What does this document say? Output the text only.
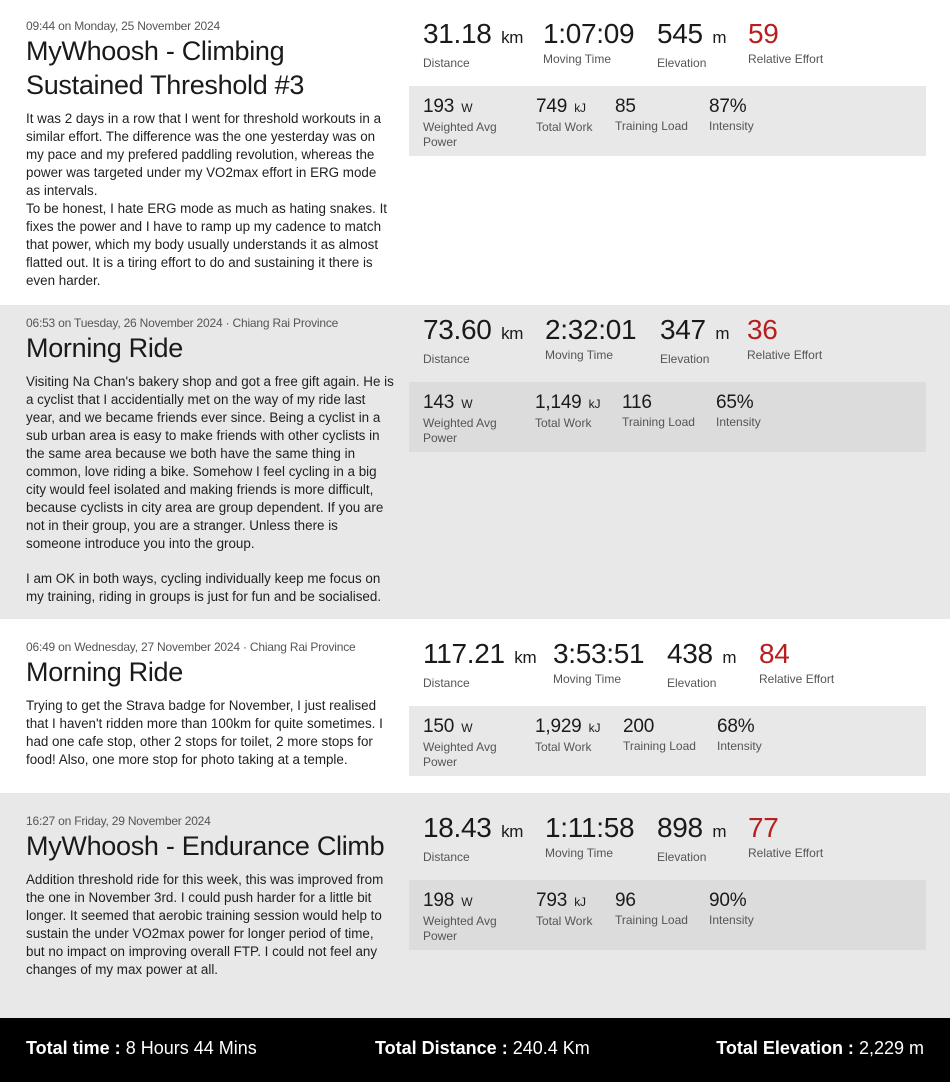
09:44 on Monday, 25 November 2024
MyWhoosh - Climbing Sustained Threshold #3

It was 2 days in a row that I went for threshold workouts in a similar effort. The difference was the one yesterday was on my pace and my prefered paddling revolution, whereas the power was targeted under my VO2max effort in ERG mode as intervals.

To be honest, I hate ERG mode as much as hating snakes. It fixes the power and I have to ramp up my cadence to match that power, which my body usually understands it as almost flatted out. It is a tiring effort to do and sustaining it there is even harder.

31.18 km
Distance
1:07:09
Moving Time
545 m
Elevation
59
Relative Effort
193 W
Weighted Avg Power
749 kJ
Total Work
85
Training Load
87%
Intensity
06:53 on Tuesday, 26 November 2024 · Chiang Rai Province
Morning Ride

Visiting Na Chan's bakery shop and got a free gift again. He is a cyclist that I accidentially met on the way of my ride last year, and we became friends ever since. Being a cyclist in a sub urban area is easy to make friends with other cyclists in the same area because we both have the same thing in common, love riding a bike. Somehow I feel cycling in a big city would feel isolated and making friends is more difficult, because cyclists in city area are group dependent. If you are not in their group, you are a stranger. Unless there is someone introduce you into the group.

I am OK in both ways, cycling individually keep me focus on my training, riding in groups is just for fun and be socialised.

73.60 km
Distance
2:32:01
Moving Time
347 m
Elevation
36
Relative Effort
143 W
Weighted Avg Power
1,149 kJ
Total Work
116
Training Load
65%
Intensity
06:49 on Wednesday, 27 November 2024 · Chiang Rai Province
Morning Ride

Trying to get the Strava badge for November, I just realised that I haven't ridden more than 100km for quite sometimes. I had one cafe stop, other 2 stops for toilet, 2 more stops for food! Also, one more stop for photo taking at a temple.

117.21 km
Distance
3:53:51
Moving Time
438 m
Elevation
84
Relative Effort
150 W
Weighted Avg Power
1,929 kJ
Total Work
200
Training Load
68%
Intensity
16:27 on Friday, 29 November 2024
MyWhoosh - Endurance Climb

Addition threshold ride for this week, this was improved from the one in November 3rd. I could push harder for a little bit longer. It seemed that aerobic training session would help to sustain the under VO2max power for longer period of time, but no impact on improving overall FTP. I could not feel any changes of my max power at all.

18.43 km
Distance
1:11:58
Moving Time
898 m
Elevation
77
Relative Effort
198 W
Weighted Avg Power
793 kJ
Total Work
96
Training Load
90%
Intensity
Total time : 8 Hours 44 Mins	Total Distance : 240.4 Km	Total Elevation : 2,229 m
